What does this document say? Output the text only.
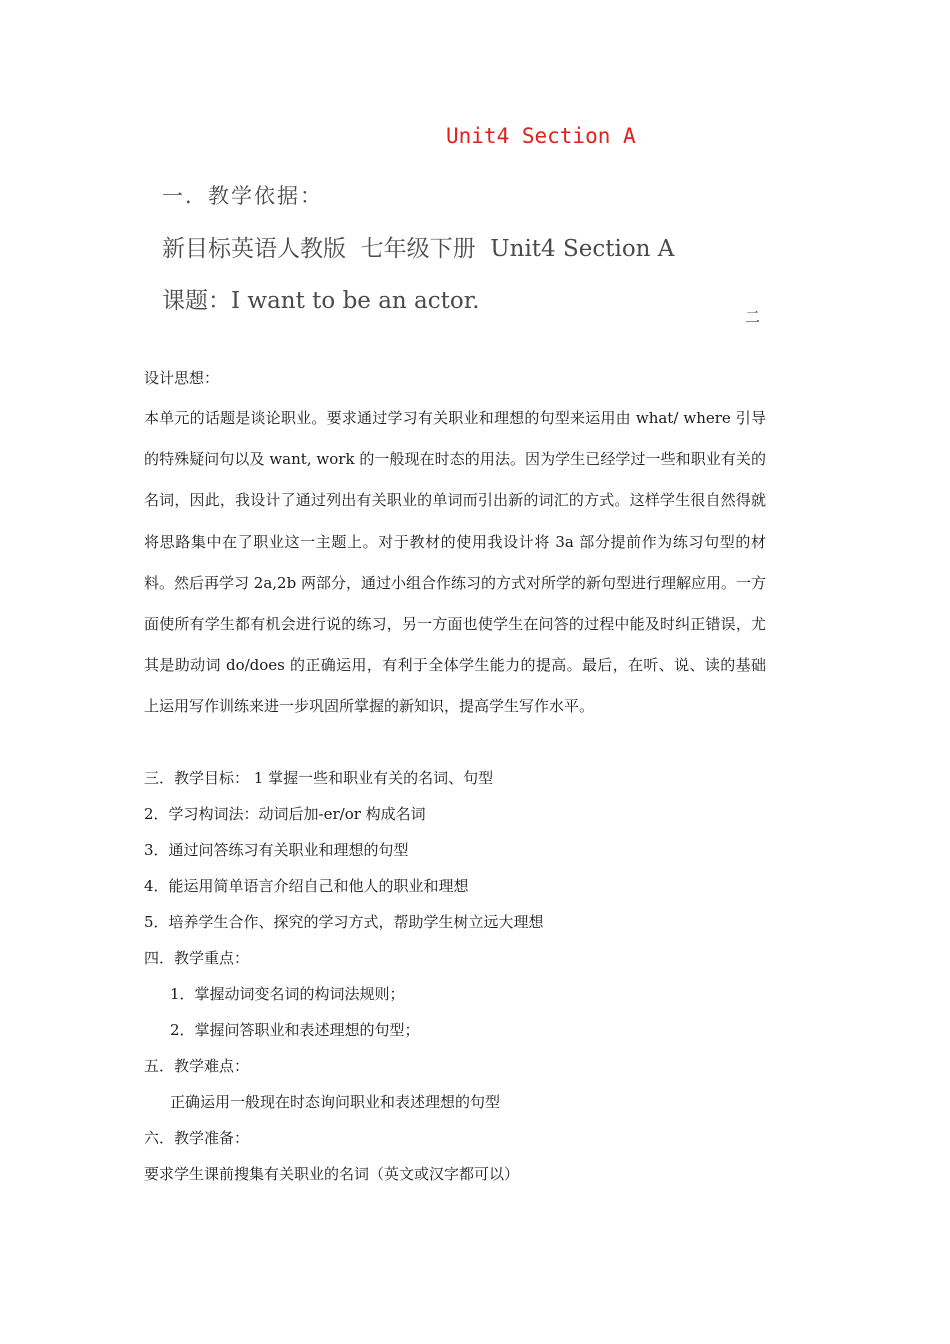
Unit4 Section A
一．教学依据：
新目标英语人教版  七年级下册  Unit4 Section A
课题：I want to be an actor.
二
设计思想：
本单元的话题是谈论职业。要求通过学习有关职业和理想的句型来运用由 what/ where 引导的特殊疑问句以及 want, work 的一般现在时态的用法。因为学生已经学过一些和职业有关的名词，因此，我设计了通过列出有关职业的单词而引出新的词汇的方式。这样学生很自然得就将思路集中在了职业这一主题上。对于教材的使用我设计将 3a 部分提前作为练习句型的材料。然后再学习 2a,2b 两部分，通过小组合作练习的方式对所学的新句型进行理解应用。一方面使所有学生都有机会进行说的练习，另一方面也使学生在问答的过程中能及时纠正错误，尤其是助动词 do/does 的正确运用，有利于全体学生能力的提高。最后，在听、说、读的基础上运用写作训练来进一步巩固所掌握的新知识，提高学生写作水平。
三．教学目标： 1 掌握一些和职业有关的名词、句型
2．学习构词法：动词后加-er/or 构成名词
3．通过问答练习有关职业和理想的句型
4．能运用简单语言介绍自己和他人的职业和理想
5．培养学生合作、探究的学习方式，帮助学生树立远大理想
四．教学重点：
1．掌握动词变名词的构词法规则；
2．掌握问答职业和表述理想的句型；
五．教学难点：
正确运用一般现在时态询问职业和表述理想的句型
六．教学准备：
要求学生课前搜集有关职业的名词（英文或汉字都可以）
